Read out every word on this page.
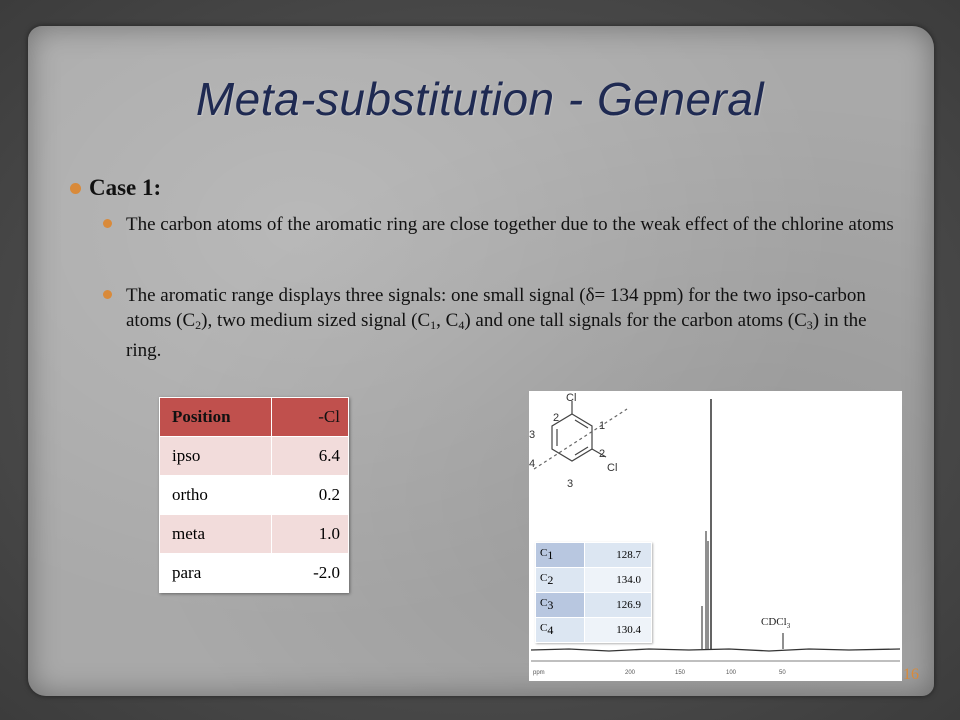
Meta-substitution - General
Case 1:
The carbon atoms of the aromatic ring are close together due to the weak effect of the chlorine atoms
The aromatic range displays three signals: one small signal (δ= 134 ppm) for the two ipso-carbon atoms $(C_2)$, two medium sized signal ($C_1$, $C_4$) and one tall signals for the carbon atoms $(C_3)$ in the ring.
Position	-Cl
ipso	6.4
ortho	0.2
meta	1.0
para	-2.0
Cl
Cl
2
1
3
4
2
3
ppm	200	150	100	50
CDCl$_3$
$C_1$	128.7
$C_2$	134.0
$C_3$	126.9
$C_4$	130.4
16
